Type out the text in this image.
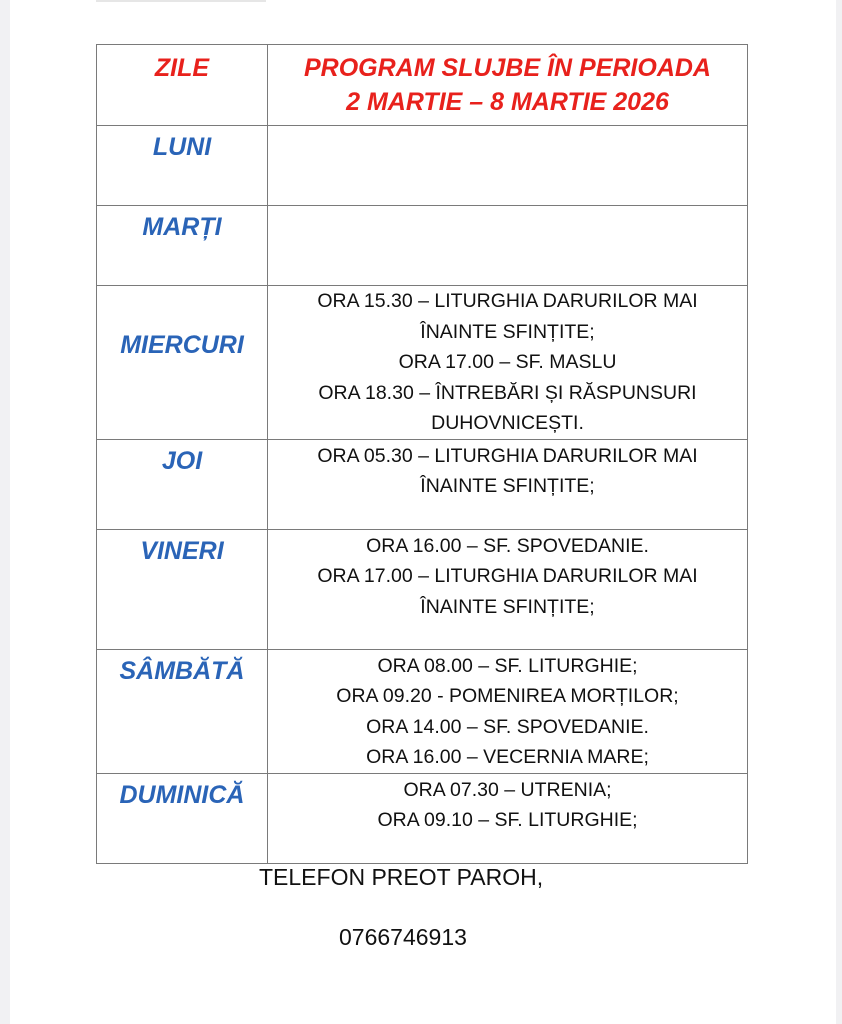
ZILE	PROGRAM SLUJBE ÎN PERIOADA
2 MARTIE – 8 MARTIE 2026

LUNI	

MARȚI	

MIERCURI	ORA 15.30 – LITURGHIA DARURILOR MAI
ÎNAINTE SFINȚITE;
ORA 17.00 – SF. MASLU
ORA 18.30 – ÎNTREBĂRI ȘI RĂSPUNSURI
DUHOVNICEȘTI.

JOI	ORA 05.30 – LITURGHIA DARURILOR MAI
ÎNAINTE SFINȚITE;

VINERI	ORA 16.00 – SF. SPOVEDANIE.
ORA 17.00 – LITURGHIA DARURILOR MAI
ÎNAINTE SFINȚITE;

SÂMBĂTĂ	ORA 08.00 – SF. LITURGHIE;
ORA 09.20 - POMENIREA MORȚILOR;
ORA 14.00 – SF. SPOVEDANIE.
ORA 16.00 – VECERNIA MARE;

DUMINICĂ	ORA 07.30 – UTRENIA;
ORA 09.10 – SF. LITURGHIE;
TELEFON PREOT PAROH,
0766746913
